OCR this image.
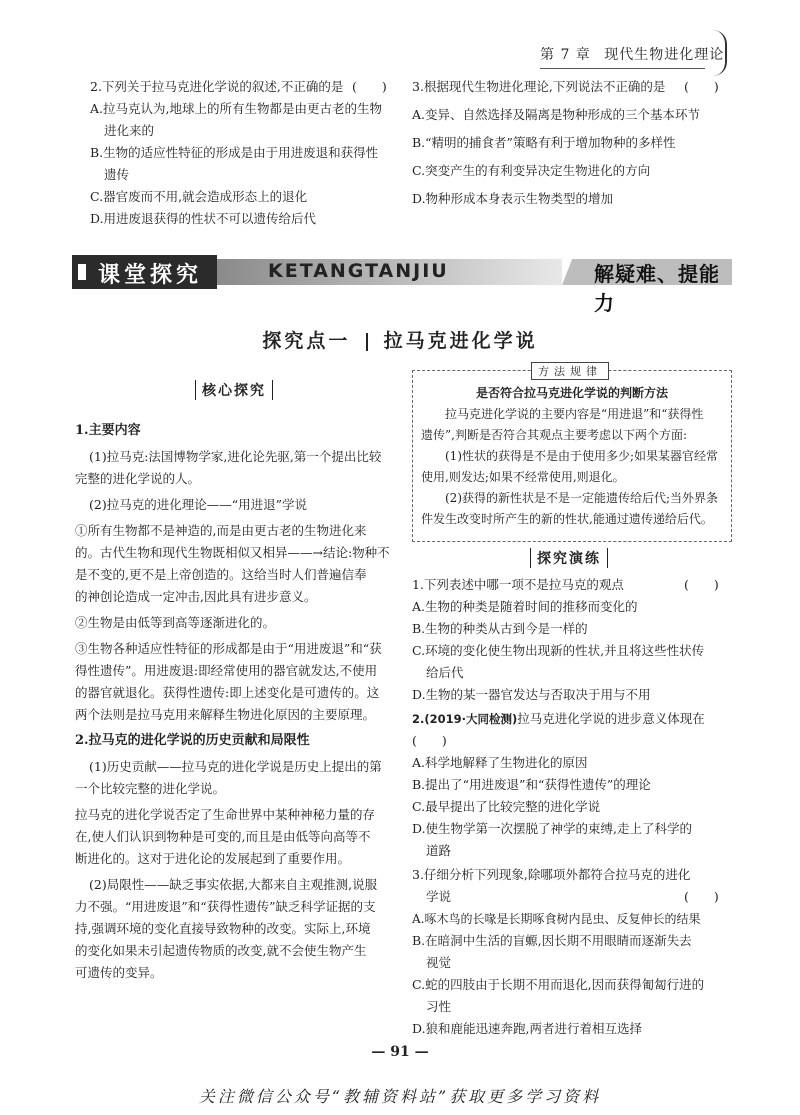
第 7 章 现代生物进化理论

2.下列关于拉马克进化学说的叙述,不正确的是 (　　)

A.拉马克认为,地球上的所有生物都是由更古老的生物

进化来的

B.生物的适应性特征的形成是由于用进废退和获得性

遗传

C.器官废而不用,就会造成形态上的退化

D.用进废退获得的性状不可以遗传给后代

3.根据现代生物进化理论,下列说法不正确的是 (　　)

A.变异、自然选择及隔离是物种形成的三个基本环节

B.“精明的捕食者”策略有利于增加物种的多样性

C.突变产生的有利变异决定生物进化的方向

D.物种形成本身表示生物类型的增加

课堂探究	KETANGTANJIU	解疑难、提能力
探究点一 拉马克进化学说
核心探究

1.主要内容

(1)拉马克:法国博物学家,进化论先驱,第一个提出比较

完整的进化学说的人。

(2)拉马克的进化理论——“用进退”学说

①所有生物都不是神造的,而是由更古老的生物进化来

的。古代生物和现代生物既相似又相异——→结论:物种不

是不变的,更不是上帝创造的。这给当时人们普遍信奉

的神创论造成一定冲击,因此具有进步意义。

②生物是由低等到高等逐渐进化的。

③生物各种适应性特征的形成都是由于“用进废退”和“获

得性遗传”。用进废退:即经常使用的器官就发达,不使用

的器官就退化。获得性遗传:即上述变化是可遗传的。这

两个法则是拉马克用来解释生物进化原因的主要原理。

2.拉马克的进化学说的历史贡献和局限性

(1)历史贡献——拉马克的进化学说是历史上提出的第

一个比较完整的进化学说。

拉马克的进化学说否定了生命世界中某种神秘力量的存

在,使人们认识到物种是可变的,而且是由低等向高等不

断进化的。这对于进化论的发展起到了重要作用。

(2)局限性——缺乏事实依据,大都来自主观推测,说服

力不强。“用进废退”和“获得性遗传”缺乏科学证据的支

持,强调环境的变化直接导致物种的改变。实际上,环境

的变化如果未引起遗传物质的改变,就不会使生物产生

可遗传的变异。

方法规律

是否符合拉马克进化学说的判断方法

拉马克进化学说的主要内容是“用进退”和“获得性

遗传”,判断是否符合其观点主要考虑以下两个方面:

(1)性状的获得是不是由于使用多少;如果某器官经常

使用,则发达;如果不经常使用,则退化。

(2)获得的新性状是不是一定能遗传给后代;当外界条

件发生改变时所产生的新的性状,能通过遗传递给后代。

探究演练

1.下列表述中哪一项不是拉马克的观点	(　　)

A.生物的种类是随着时间的推移而变化的

B.生物的种类从古到今是一样的

C.环境的变化使生物出现新的性状,并且将这些性状传

给后代

D.生物的某一器官发达与否取决于用与不用

2.(2019·大同检测)拉马克进化学说的进步意义体现在(　　)

A.科学地解释了生物进化的原因

B.提出了“用进废退”和“获得性遗传”的理论

C.最早提出了比较完整的进化学说

D.使生物学第一次摆脱了神学的束缚,走上了科学的

道路

3.仔细分析下列现象,除哪项外都符合拉马克的进化

学说	(　　)

A.啄木鸟的长喙是长期啄食树内昆虫、反复伸长的结果

B.在暗洞中生活的盲螈,因长期不用眼睛而逐渐失去

视觉

C.蛇的四肢由于长期不用而退化,因而获得匍匐行进的

习性

D.狼和鹿能迅速奔跑,两者进行着相互选择

— 91 —
关注微信公众号“教辅资料站”获取更多学习资料
